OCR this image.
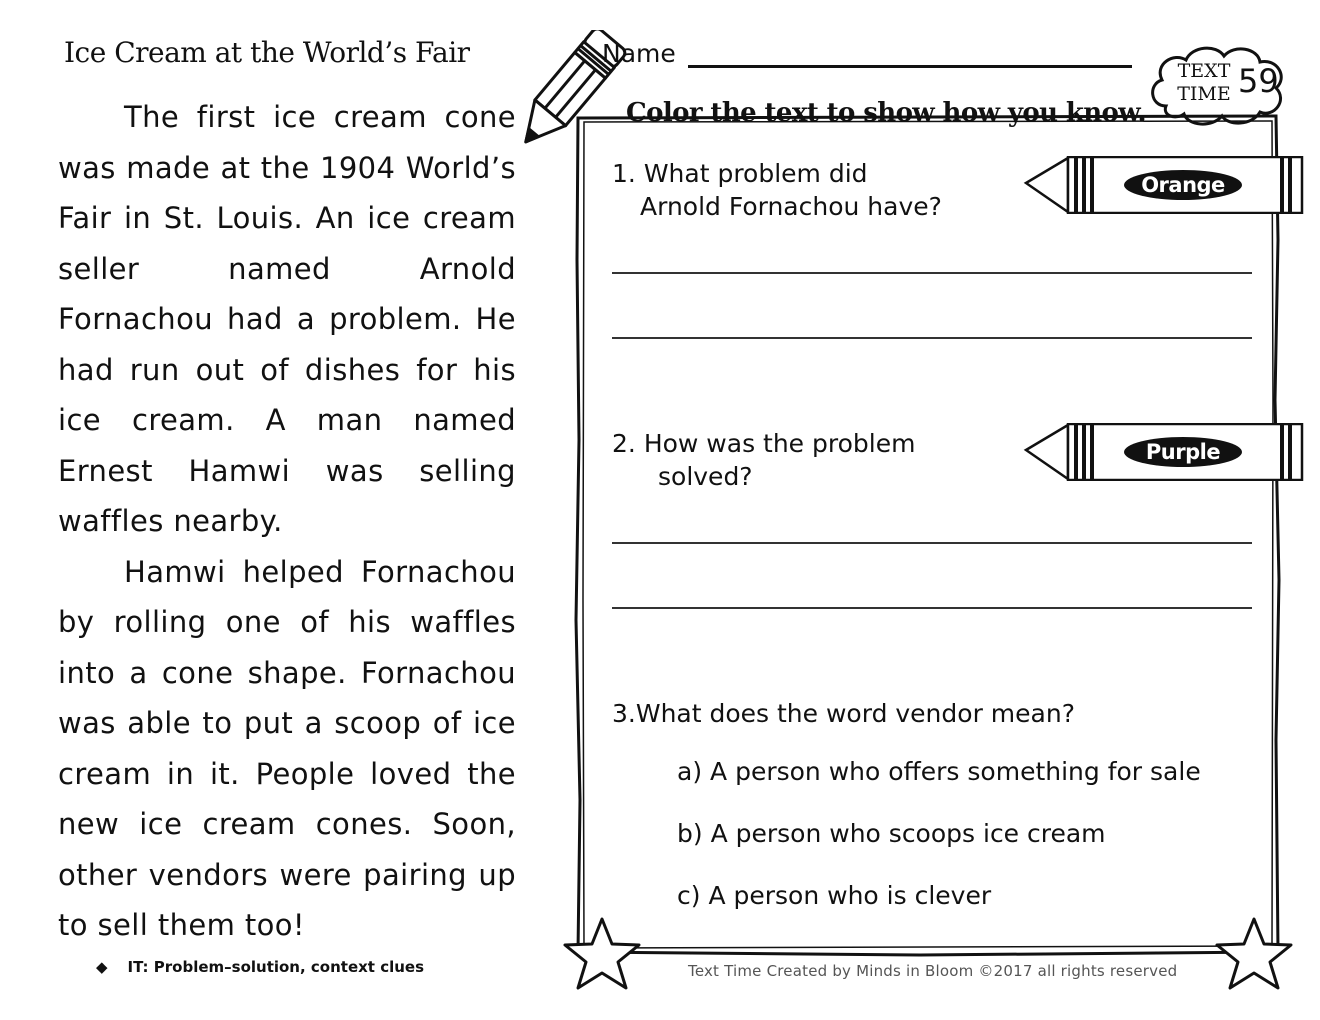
Ice Cream at the World’s Fair

The first ice cream cone was made at the 1904 World’s Fair in St. Louis. An ice cream seller named Arnold Fornachou had a problem. He had run out of dishes for his ice cream. A man named Ernest Hamwi was selling waffles nearby.

Hamwi helped Fornachou by rolling one of his waffles into a cone shape. Fornachou was able to put a scoop of ice cream in it. People loved the new ice cream cones. Soon, other vendors were pairing up to sell them too!

◆ IT: Problem–solution, context clues
Name
TEXT TIME 59
Color the text to show how you know.
1. What problem did
Arnold Fornachou have?
Orange
2. How was the problem
solved?
Purple
3.What does the word vendor mean?
a) A person who offers something for sale
b) A person who scoops ice cream
c) A person who is clever
Text Time Created by Minds in Bloom ©2017 all rights reserved
